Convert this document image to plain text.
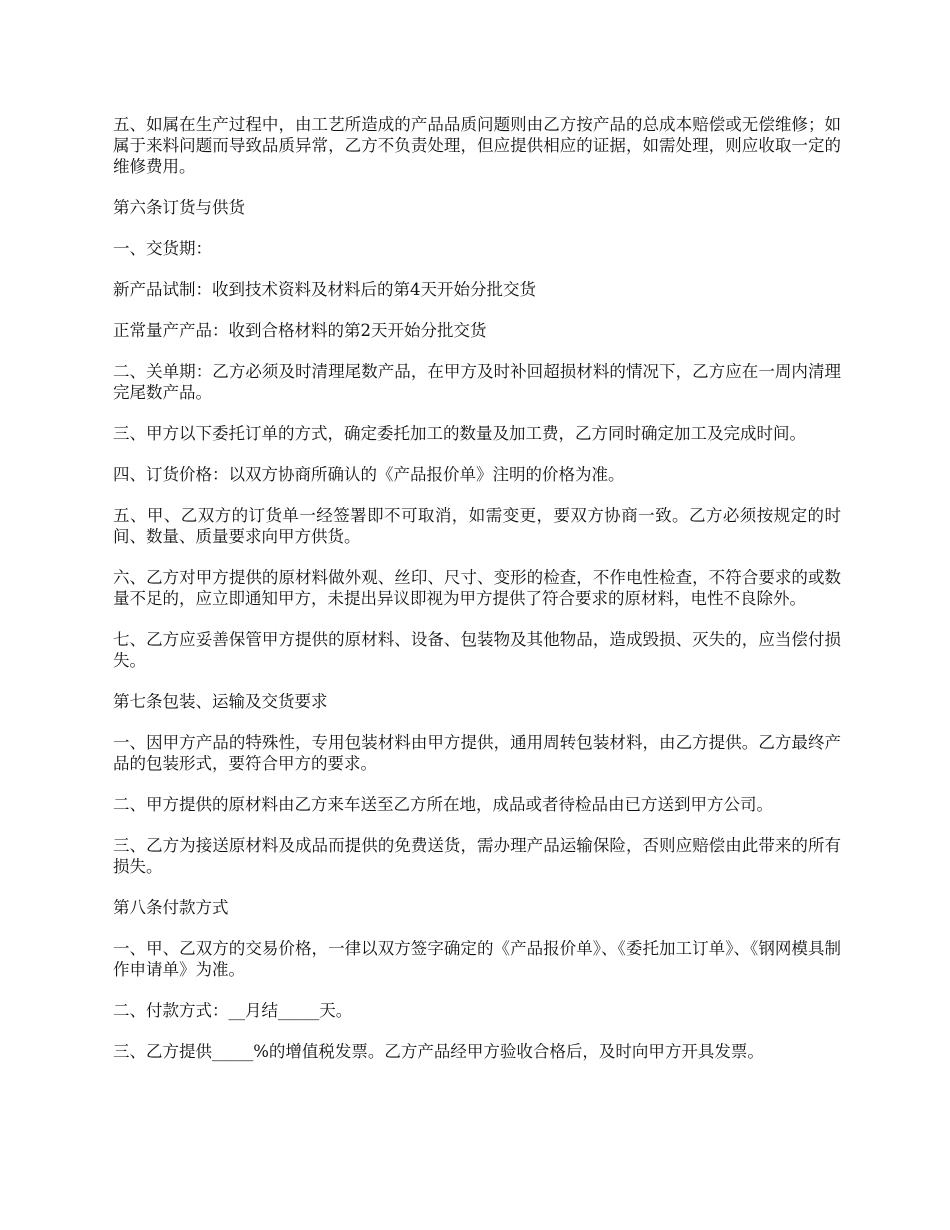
五、如属在生产过程中，由工艺所造成的产品品质问题则由乙方按产品的总成本赔偿或无偿维修；如属于来料问题而导致品质异常，乙方不负责处理，但应提供相应的证据，如需处理，则应收取一定的维修费用。

第六条订货与供货

一、交货期：

新产品试制：收到技术资料及材料后的第4天开始分批交货

正常量产产品：收到合格材料的第2天开始分批交货

二、关单期：乙方必须及时清理尾数产品，在甲方及时补回超损材料的情况下，乙方应在一周内清理完尾数产品。

三、甲方以下委托订单的方式，确定委托加工的数量及加工费，乙方同时确定加工及完成时间。

四、订货价格：以双方协商所确认的《产品报价单》注明的价格为准。

五、甲、乙双方的订货单一经签署即不可取消，如需变更，要双方协商一致。乙方必须按规定的时间、数量、质量要求向甲方供货。

六、乙方对甲方提供的原材料做外观、丝印、尺寸、变形的检查，不作电性检查，不符合要求的或数量不足的，应立即通知甲方，未提出异议即视为甲方提供了符合要求的原材料，电性不良除外。

七、乙方应妥善保管甲方提供的原材料、设备、包装物及其他物品，造成毁损、灭失的，应当偿付损失。

第七条包装、运输及交货要求

一、因甲方产品的特殊性，专用包装材料由甲方提供，通用周转包装材料，由乙方提供。乙方最终产品的包装形式，要符合甲方的要求。

二、甲方提供的原材料由乙方来车送至乙方所在地，成品或者待检品由已方送到甲方公司。

三、乙方为接送原材料及成品而提供的免费送货，需办理产品运输保险，否则应赔偿由此带来的所有损失。

第八条付款方式

一、甲、乙双方的交易价格，一律以双方签字确定的《产品报价单》、《委托加工订单》、《钢网模具制作申请单》为准。

二、付款方式：__月结_____天。

三、乙方提供_____%的增值税发票。乙方产品经甲方验收合格后，及时向甲方开具发票。
